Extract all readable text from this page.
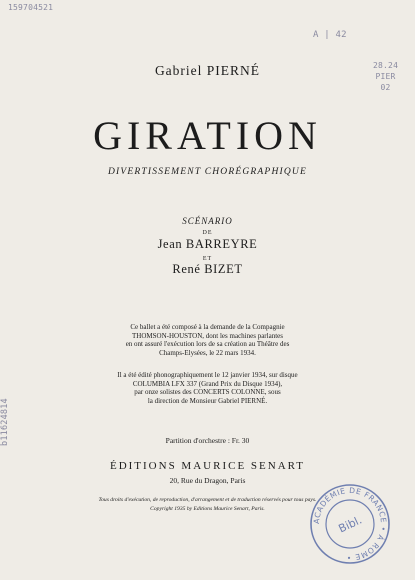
159704521
A | 42
28.24
PIER
02
b11624814
Gabriel PIERNÉ
GIRATION
DIVERTISSEMENT CHORÉGRAPHIQUE
SCÉNARIO
DE
Jean BARREYRE
ET
René BIZET
Ce ballet a été composé à la demande de la Compagnie
THOMSON-HOUSTON, dont les machines parlantes
en ont assuré l'exécution lors de sa création au Théâtre des
Champs-Elysées, le 22 mars 1934.
Il a été édité phonographiquement le 12 janvier 1934, sur disque
COLUMBIA LFX 337 (Grand Prix du Disque 1934),
par onze solistes des CONCERTS COLONNE, sous
la direction de Monsieur Gabriel PIERNÉ.
Partition d'orchestre : Fr. 30
ÉDITIONS MAURICE SENART
20, Rue du Dragon, Paris
Tous droits d'exécution, de reproduction, d'arrangement et de traduction réservés pour tous pays.
Copyright 1935 by Editions Maurice Senart, Paris.
ACADÉMIE DE FRANCE • À ROME •
Bibl.
